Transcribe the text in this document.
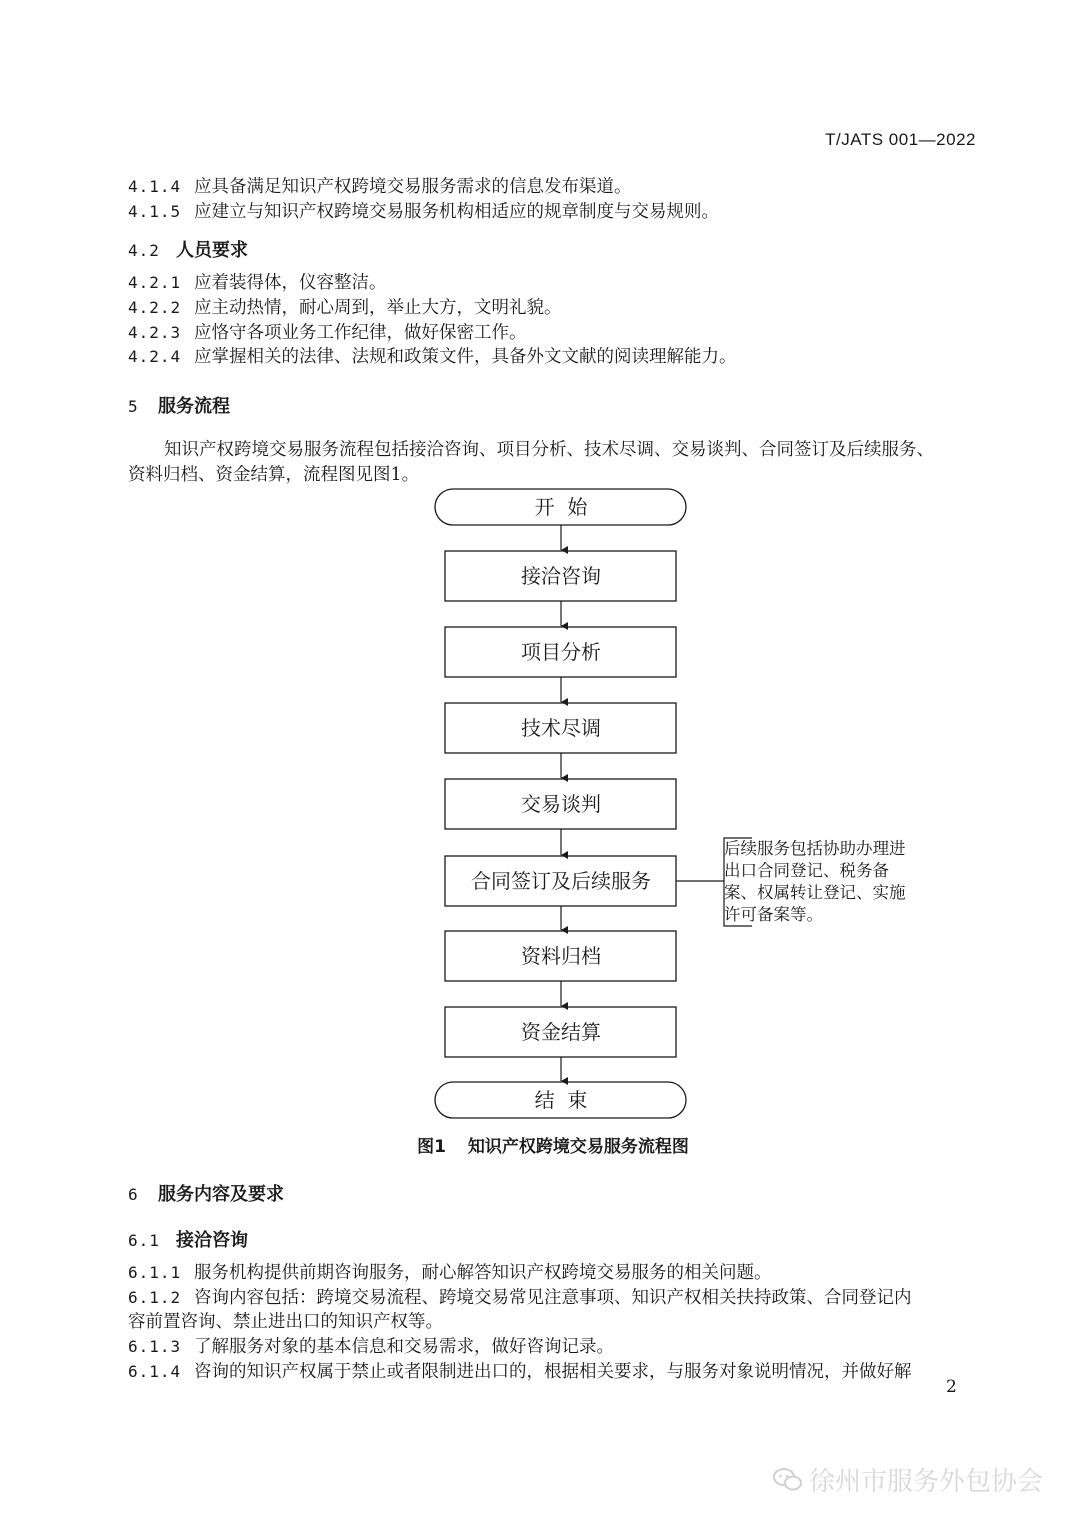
T/JATS 001—2022
4.1.4 应具备满足知识产权跨境交易服务需求的信息发布渠道。
4.1.5 应建立与知识产权跨境交易服务机构相适应的规章制度与交易规则。
4.2 人员要求
4.2.1 应着装得体，仪容整洁。
4.2.2 应主动热情，耐心周到，举止大方，文明礼貌。
4.2.3 应恪守各项业务工作纪律，做好保密工作。
4.2.4 应掌握相关的法律、法规和政策文件，具备外文文献的阅读理解能力。
5 服务流程
知识产权跨境交易服务流程包括接洽咨询、项目分析、技术尽调、交易谈判、合同签订及后续服务、
资料归档、资金结算，流程图见图1。
开  始
接洽咨询
项目分析
技术尽调
交易谈判
合同签订及后续服务
资料归档
资金结算
结  束
后续服务包括协助办理进
出口合同登记、税务备
案、权属转让登记、实施
许可备案等。
图1 知识产权跨境交易服务流程图
6 服务内容及要求
6.1 接洽咨询
6.1.1 服务机构提供前期咨询服务，耐心解答知识产权跨境交易服务的相关问题。
6.1.2 咨询内容包括：跨境交易流程、跨境交易常见注意事项、知识产权相关扶持政策、合同登记内
容前置咨询、禁止进出口的知识产权等。
6.1.3 了解服务对象的基本信息和交易需求，做好咨询记录。
6.1.4 咨询的知识产权属于禁止或者限制进出口的，根据相关要求，与服务对象说明情况，并做好解
2
徐州市服务外包协会
